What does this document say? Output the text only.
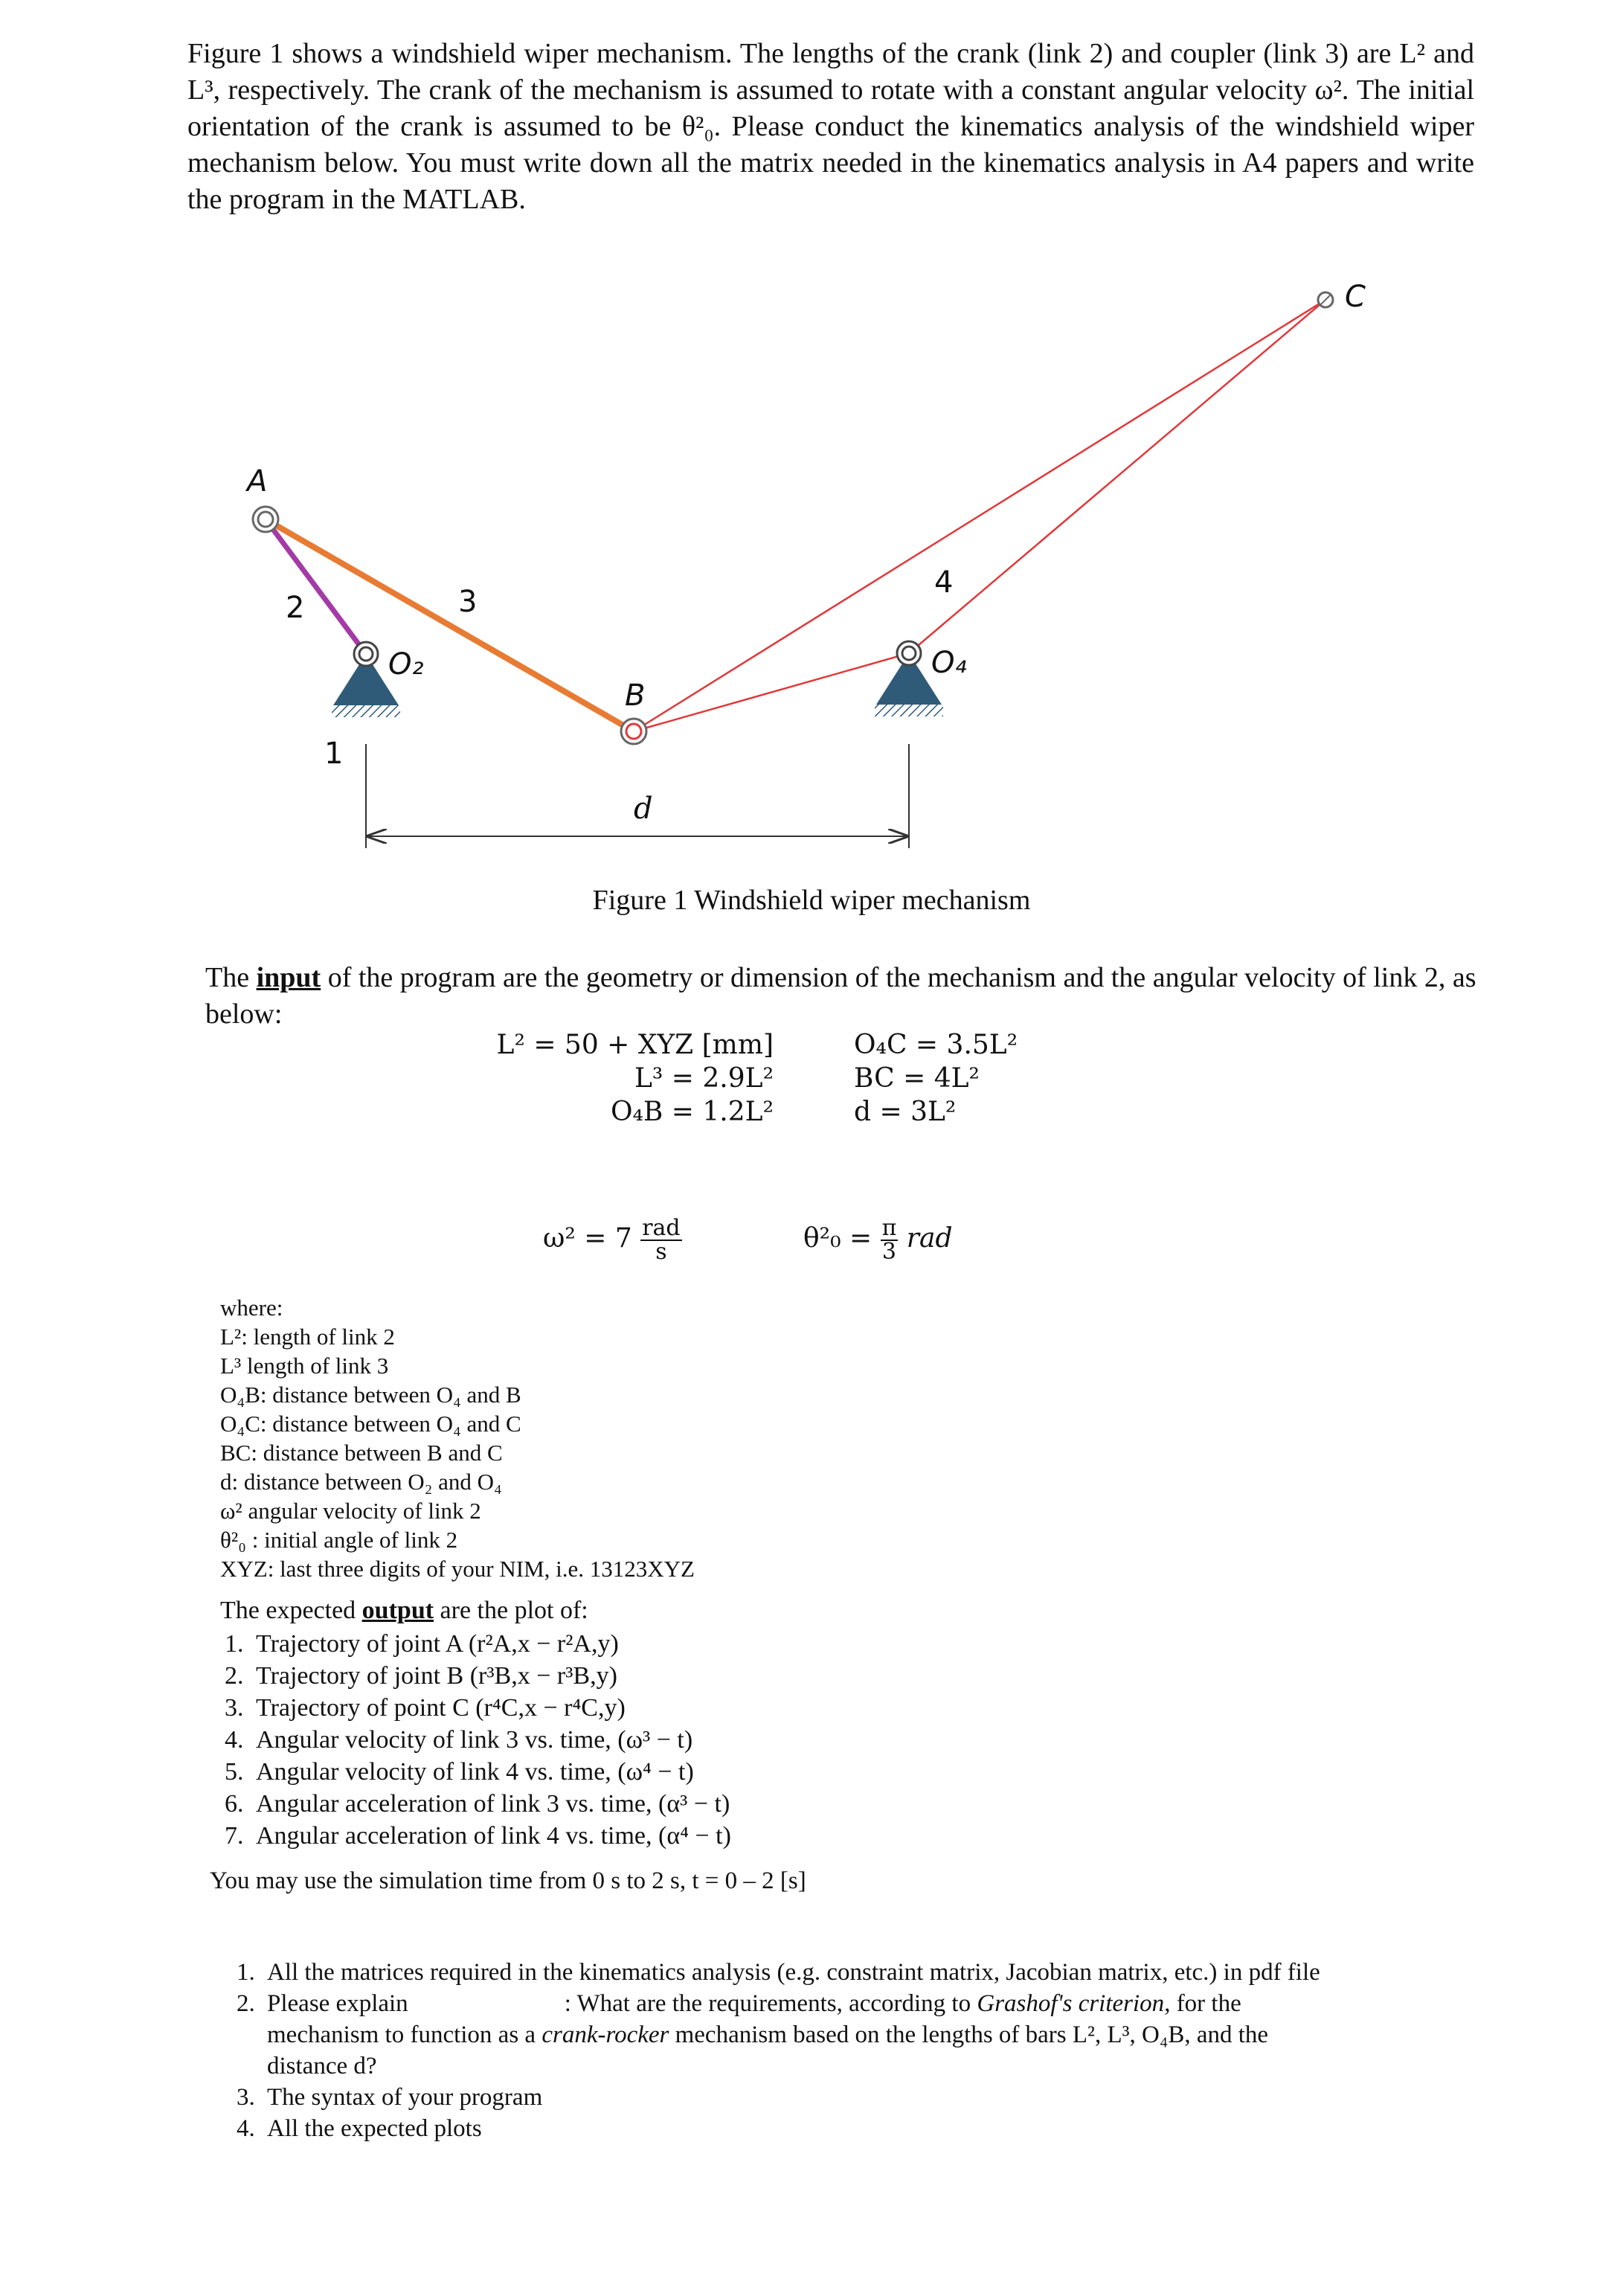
Figure 1 shows a windshield wiper mechanism. The lengths of the crank (link 2) and coupler (link 3) are L² and L³, respectively. The crank of the mechanism is assumed to rotate with a constant angular velocity ω². The initial orientation of the crank is assumed to be θ²₀. Please conduct the kinematics analysis of the windshield wiper mechanism below. You must write down all the matrix needed in the kinematics analysis in A4 papers and write the program in the MATLAB.
A
C
B
O₂	O₄
2	3
4
1
d
Figure 1 Windshield wiper mechanism
The input of the program are the geometry or dimension of the mechanism and the angular velocity of link 2, as below:
L² = 50 + XYZ [mm]
L³ = 2.9L²
O₄B = 1.2L²
O₄C = 3.5L²
BC = 4L²
d = 3L²
$\omega^2 = 7 \frac{\text{rad}}{s}$	$\theta^2_0 = \frac{\pi}{3}$ rad
where:
L²: length of link 2
L³ length of link 3
O₄B: distance between O₄ and B
O₄C: distance between O₄ and C
BC: distance between B and C
d: distance between O₂ and O₄
ω² angular velocity of link 2
θ²₀ : initial angle of link 2
XYZ: last three digits of your NIM, i.e. 13123XYZ
The expected output are the plot of:
1. Trajectory of joint A (r²A,x − r²A,y)
2. Trajectory of joint B (r³B,x − r³B,y)
3. Trajectory of point C (r⁴C,x − r⁴C,y)
4. Angular velocity of link 3 vs. time, (ω³ − t)
5. Angular velocity of link 4 vs. time, (ω⁴ − t)
6. Angular acceleration of link 3 vs. time, (α³ − t)
7. Angular acceleration of link 4 vs. time, (α⁴ − t)
You may use the simulation time from 0 s to 2 s, t = 0 – 2 [s]
1. All the matrices required in the kinematics analysis (e.g. constraint matrix, Jacobian matrix, etc.) in pdf file
2. Please explain	: What are the requirements, according to Grashof's criterion, for the mechanism to function as a crank-rocker mechanism based on the lengths of bars L², L³, O₄B, and the distance d?
3. The syntax of your program
4. All the expected plots
